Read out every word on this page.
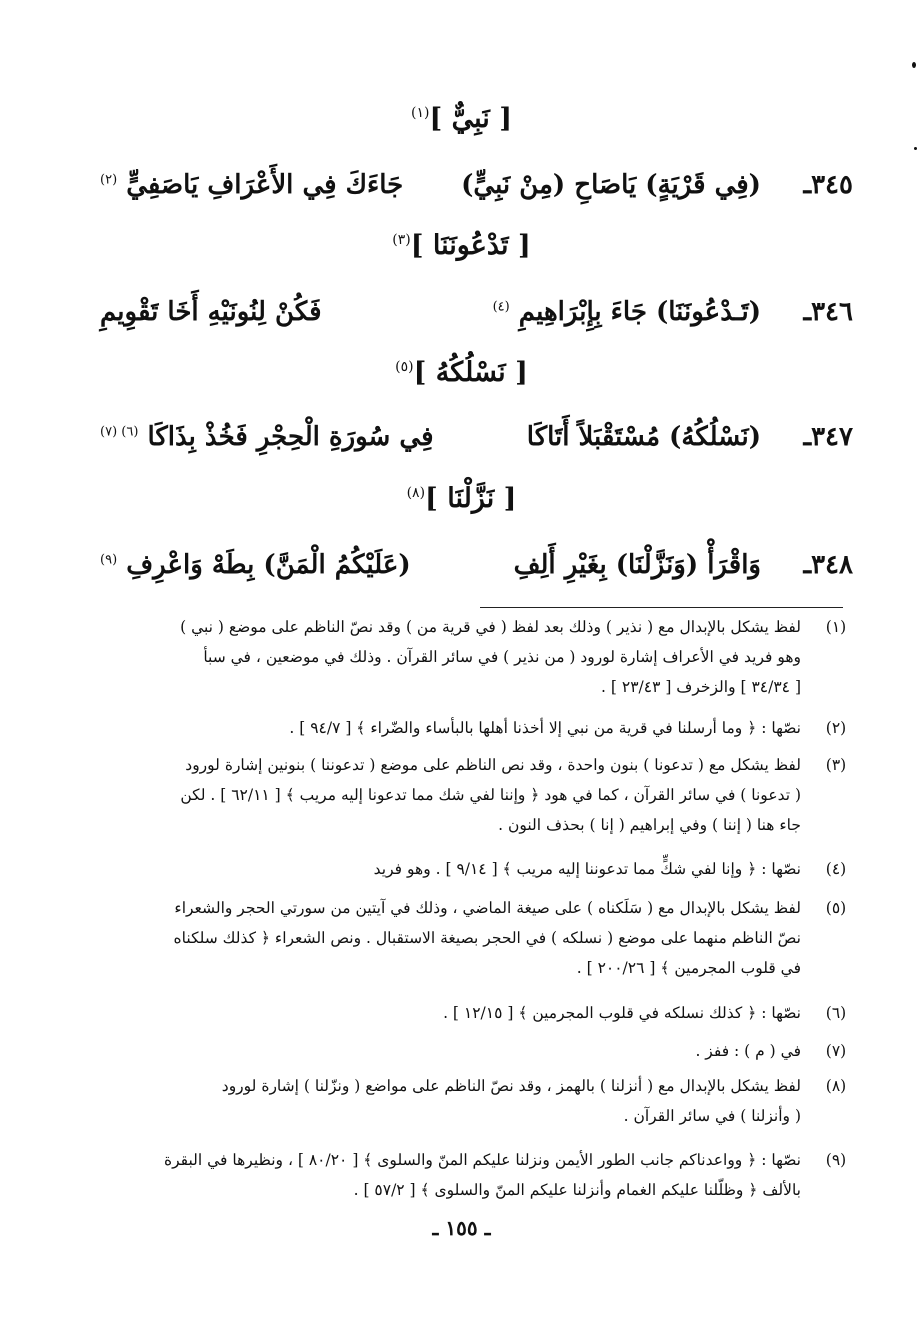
[ نَبِيٌّ ]$^{(١)}$
[ تَدْعُونَنَا ]$^{(٣)}$
[ نَسْلُكُهُ ]$^{(٥)}$
[ نَزَّلْنَا ]$^{(٨)}$
٣٤٥ـ
(فِي قَرْيَةٍ) يَاصَاحِ (مِنْ نَبِيٍّ)
جَاءَكَ فِي الأَعْرَافِ يَاصَفِيٍّ $^{(٢)}$
٣٤٦ـ
(تَـدْعُونَنَا) جَاءَ بِإِبْرَاهِيمِ $^{(٤)}$
فَكُنْ لِنُونَيْهِ أَخَا تَقْوِيمِ
٣٤٧ـ
(نَسْلُكُهُ) مُسْتَقْبَلاً أَتَاكَا
فِي سُورَةِ الْحِجْرِ فَخُذْ بِذَاكَا $^{(٦) (٧)}$
٣٤٨ـ
وَاقْرَأْ (وَنَزَّلْنَا) بِغَيْرِ أَلِفِ
(عَلَيْكُمُ الْمَنَّ) بِطَهْ وَاعْرِفِ $^{(٩)}$
(١)
لفظ يشكل بالإبدال مع ( نذير ) وذلك بعد لفظ ( في قرية من ) وقد نصّ الناظم على موضع ( نبي )
وهو فريد في الأعراف إشارة لورود ( من نذير ) في سائر القرآن . وذلك في موضعين ، في سبأ
[ ٣٤/٣٤ ] والزخرف [ ٢٣/٤٣ ] .
(٢)
نصّها : ﴿ وما أرسلنا في قرية من نبي إلا أخذنا أهلها بالبأساء والضّراء ﴾ [ ٩٤/٧ ] .
(٣)
لفظ يشكل مع ( تدعونا ) بنون واحدة ، وقد نص الناظم على موضع ( تدعوننا ) بنونين إشارة لورود
( تدعونا ) في سائر القرآن ، كما في هود ﴿ وإننا لفي شك مما تدعونا إليه مريب ﴾ [ ٦٢/١١ ] . لكن
جاء هنا ( إننا ) وفي إبراهيم ( إنا ) بحذف النون .
(٤)
نصّها : ﴿ وإنا لفي شكٍّ مما تدعوننا إليه مريب ﴾ [ ٩/١٤ ] . وهو فريد
(٥)
لفظ يشكل بالإبدال مع ( سَلَكناه ) على صيغة الماضي ، وذلك في آيتين من سورتي الحجر والشعراء
نصّ الناظم منهما على موضع ( نسلكه ) في الحجر بصيغة الاستقبال . ونص الشعراء ﴿ كذلك سلكناه
في قلوب المجرمين ﴾ [ ٢٠٠/٢٦ ] .
(٦)
نصّها : ﴿ كذلك نسلكه في قلوب المجرمين ﴾ [ ١٢/١٥ ] .
(٧)
في ( م ) : ففز .
(٨)
لفظ يشكل بالإبدال مع ( أنزلنا ) بالهمز ، وقد نصّ الناظم على مواضع ( ونزّلنا ) إشارة لورود
( وأنزلنا ) في سائر القرآن .
(٩)
نصّها : ﴿ وواعدناكم جانب الطور الأيمن ونزلنا عليكم المنّ والسلوى ﴾ [ ٨٠/٢٠ ] ، ونظيرها في البقرة
بالألف ﴿ وظلّلنا عليكم الغمام وأنزلنا عليكم المنّ والسلوى ﴾ [ ٥٧/٢ ] .
ـ ١٥٥ ـ
